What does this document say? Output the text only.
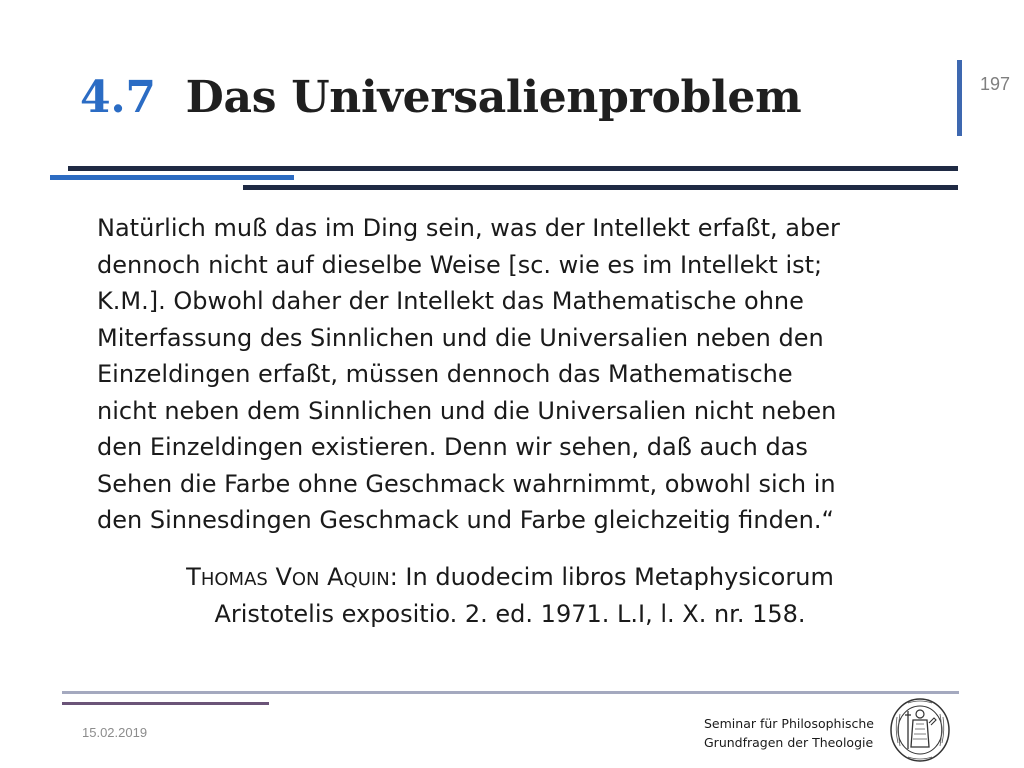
4.7 Das Universalienproblem	197

Natürlich muß das im Ding sein, was der Intellekt erfaßt, aber
dennoch nicht auf dieselbe Weise [sc. wie es im Intellekt ist;
K.M.]. Obwohl daher der Intellekt das Mathematische ohne
Miterfassung des Sinnlichen und die Universalien neben den
Einzeldingen erfaßt, müssen dennoch das Mathematische
nicht neben dem Sinnlichen und die Universalien nicht neben
den Einzeldingen existieren. Denn wir sehen, daß auch das
Sehen die Farbe ohne Geschmack wahrnimmt, obwohl sich in
den Sinnesdingen Geschmack und Farbe gleichzeitig finden.“

THOMAS VON AQUIN: In duodecim libros Metaphysicorum
Aristotelis expositio. 2. ed. 1971. L.I, l. X. nr. 158.

15.02.2019
Seminar für Philosophische
Grundfragen der Theologie
